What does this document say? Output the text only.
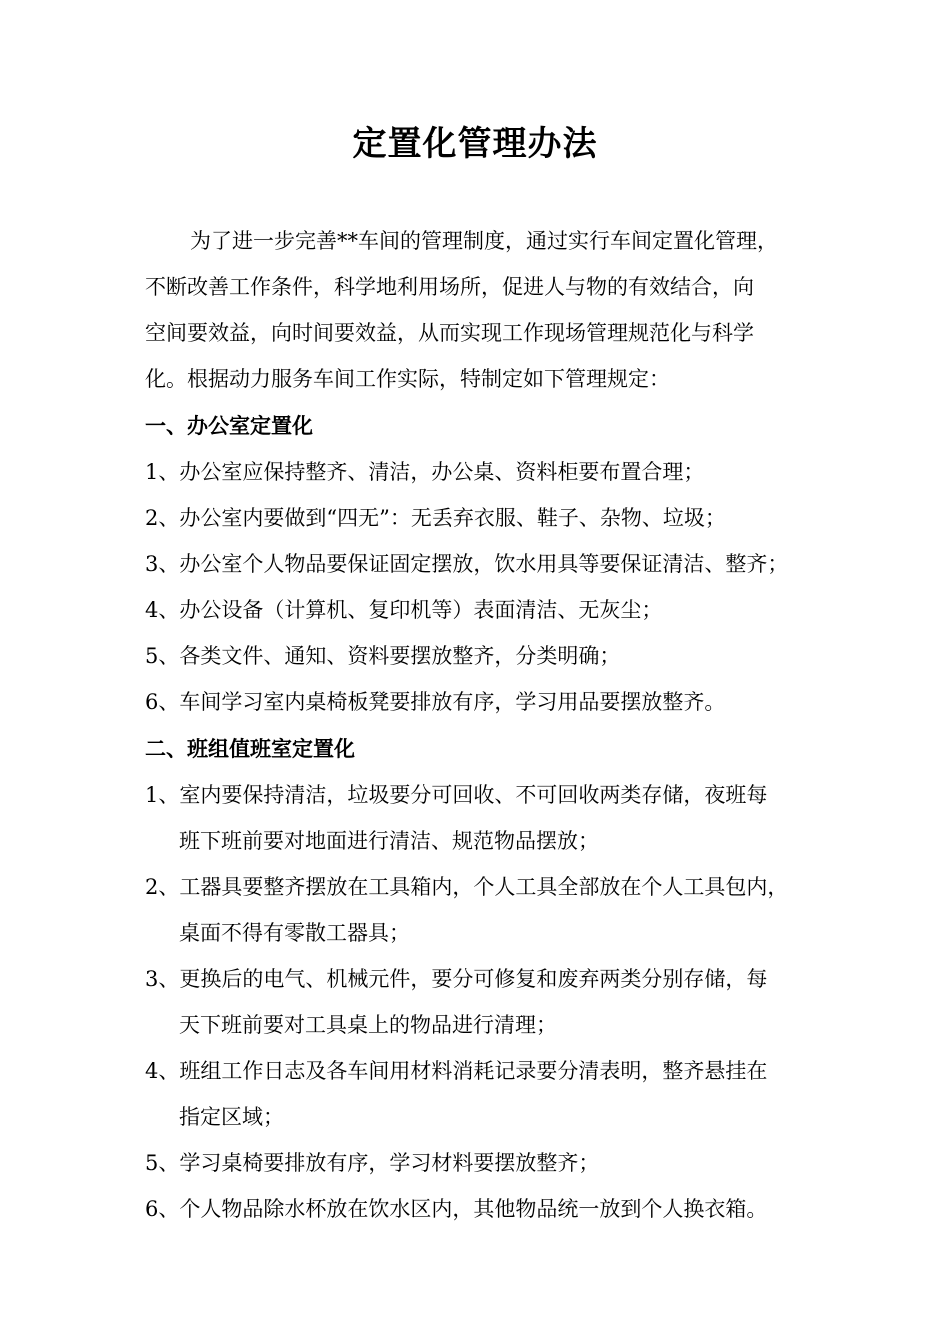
定置化管理办法
为了进一步完善**车间的管理制度，通过实行车间定置化管理，
不断改善工作条件，科学地利用场所，促进人与物的有效结合，向
空间要效益，向时间要效益，从而实现工作现场管理规范化与科学
化。根据动力服务车间工作实际，特制定如下管理规定：
一、办公室定置化
1、办公室应保持整齐、清洁，办公桌、资料柜要布置合理；
2、办公室内要做到“四无”：无丢弃衣服、鞋子、杂物、垃圾；
3、办公室个人物品要保证固定摆放，饮水用具等要保证清洁、整齐；
4、办公设备（计算机、复印机等）表面清洁、无灰尘；
5、各类文件、通知、资料要摆放整齐，分类明确；
6、车间学习室内桌椅板凳要排放有序，学习用品要摆放整齐。
二、班组值班室定置化
1、室内要保持清洁，垃圾要分可回收、不可回收两类存储，夜班每
班下班前要对地面进行清洁、规范物品摆放；
2、工器具要整齐摆放在工具箱内，个人工具全部放在个人工具包内，
桌面不得有零散工器具；
3、更换后的电气、机械元件，要分可修复和废弃两类分别存储，每
天下班前要对工具桌上的物品进行清理；
4、班组工作日志及各车间用材料消耗记录要分清表明，整齐悬挂在
指定区域；
5、学习桌椅要排放有序，学习材料要摆放整齐；
6、个人物品除水杯放在饮水区内，其他物品统一放到个人换衣箱。
